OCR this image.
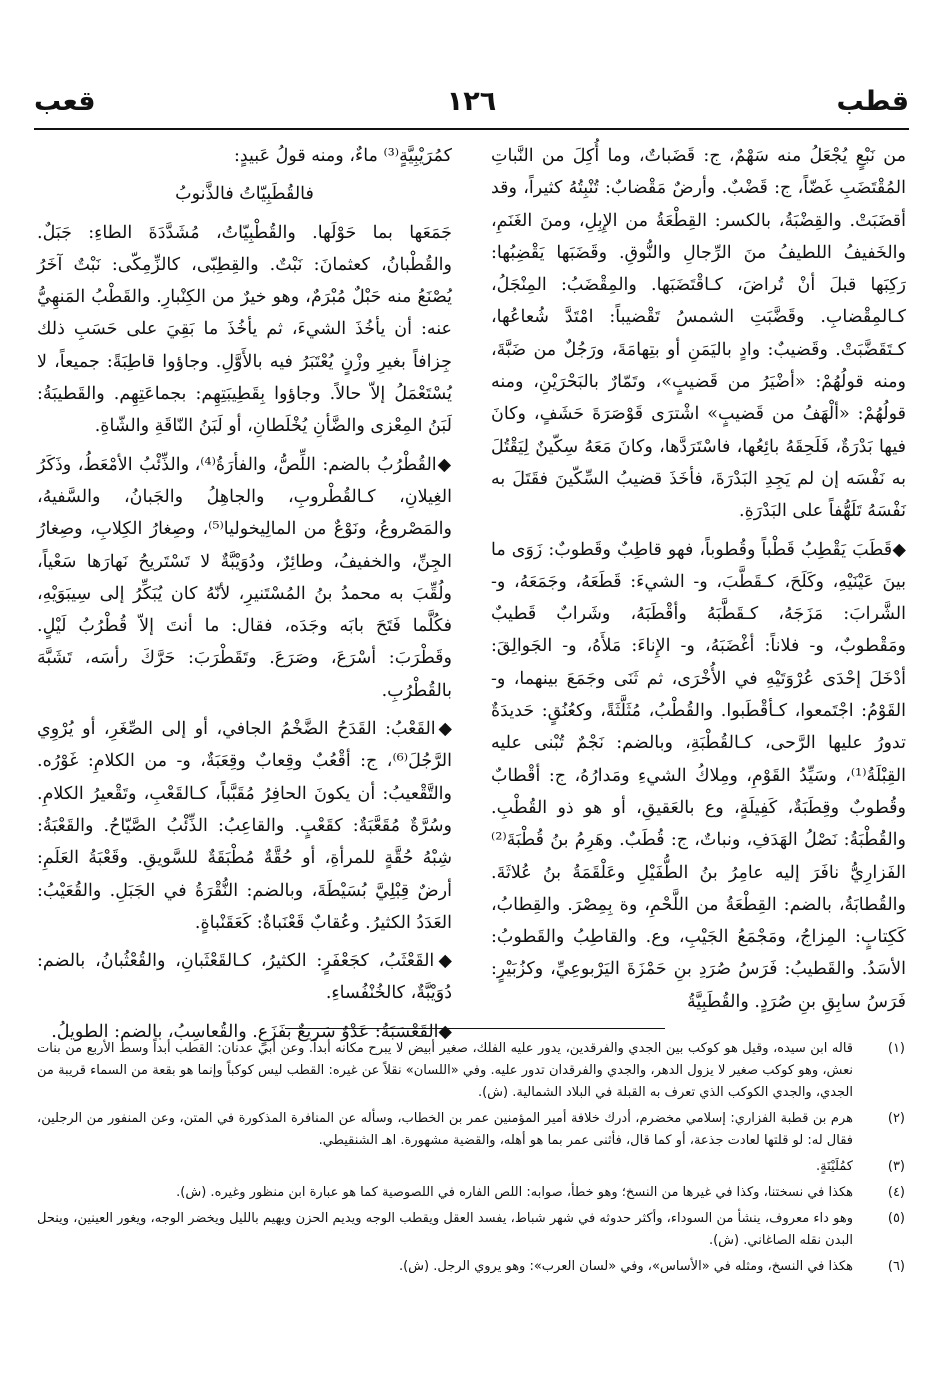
قطب
١٢٦
قعب

من نَبْعٍ يُجْعَلُ منه سَهْمٌ، ج: قَضَباتٌ، وما أُكِلَ من النَّباتِ المُقْتَضَبِ غَضّاً، ج: قَضْبٌ. وأرضٌ مَقْضابٌ: تُنْبِتُهُ كثيراً، وقد أقضَبَتْ. والقِضْبَةُ، بالكسر: القِطْعَةُ من الإِبِلِ، ومنَ الغَنَمِ، والخَفيفُ اللطيفُ منَ الرِّجالِ والنُّوقِ. وقَضَبَها يَقْضِبُها: رَكِبَها قبلَ أنْ تُراضَ، كـاقْتَضَبَها. والمِقْضَبُ: المِنْجَلُ، كـالمِقْضابِ. وقَضَّبَتِ الشمسُ تَقْضيباً: امْتَدَّ شُعاعُها، كـتَقَضَّبَتْ. وقَضيبٌ: وادٍ باليَمَنِ أو بتِهامَةَ، ورَجُلٌ من ضَبَّةَ، ومنه قولُهُمْ: «أضْيَرُ من قَضيبٍ»، وتَمّارٌ بالبَحْرَيْنِ، ومنه قولُهُمْ: «ألْهَفُ من قَضيبٍ» اشْترَى قَوْصَرَةَ حَشَفٍ، وكانَ فيها بَدْرَةٌ، فَلَحِقَهُ بائِعُها، فاسْتَرَدَّها، وكانَ مَعَهُ سِكّينٌ لِيَقْتُلَ به نَفْسَه إن لم يَجِدِ البَدْرَةَ، فأخَذَ قضيبُ السِّكّينَ فقَتَلَ به نَفْسَهُ تَلَهُّفاً على البَدْرَةِ.

◆قَطَبَ يَقْطِبُ قَطْباً وقُطوباً، فهو قاطِبٌ وقَطوبٌ: زَوَى ما بينَ عَيْنَيْهِ، وكَلَحَ، كـقَطَّبَ، و- الشيءَ: قَطَعَهُ، وجَمَعَهُ، و- الشَّرابَ: مَزَجَهُ، كـقَطَّبَهُ وأقْطَبَهُ، وشَرابٌ قَطيبٌ ومَقْطوبٌ، و- فلاناً: أغْضَبَهُ، و- الإِناءَ: مَلأَهُ، و- الجَوالِقَ: أدْخَلَ إحْدَى عُرْوَتَيْهِ في الأُخْرَى، ثم ثَنَى وجَمَعَ بينهما، و- القَوْمُ: اجْتَمعوا، كـأقْطَبوا. والقُطْبُ، مُثَلَّثَةً، وكعُنُقٍ: حَديدَةٌ تدورُ عليها الرَّحى، كـالقُطْبَةِ، وبالضم: نَجْمٌ تُبْنى عليه القِبْلَةُ⁽¹⁾، وسَيِّدُ القَوْمِ، ومِلاكُ الشيءِ ومَدارُهُ، ج: أقْطابٌ وقُطوبٌ وقِطَبَةٌ، كَفِيلَةٍ، وع بالعَقيقِ، أو هو ذو القُطْبِ. والقُطْبَةُ: نَصْلُ الهَدَفِ، ونباتٌ، ج: قُطَبٌ. وهَرِمُ بنُ قُطْبَةَ⁽²⁾ الفَزارِيُّ نافَرَ إليه عامِرُ بنُ الطُّفَيْلِ وعَلْقَمَةُ بنُ عُلاثَةَ. والقُطابَةُ، بالضم: القِطْعَةُ من اللَّحْمِ، وة بِمِصْرَ. والقِطابُ، كَكِتابٍ: المِزاجُ، ومَجْمَعُ الجَيْبِ، وع. والقاطِبُ والقَطوبُ: الأسَدُ. والقَطيبُ: فَرَسُ صُرَدِ بنِ حَمْزَةَ اليَرْبوعِيِّ، وكزُبَيْرٍ: فَرَسُ سابِقِ بنِ صُرَدٍ. والقُطَبِيَّةُ

كمُرَيْبِيَّةٍ⁽³⁾ ماءٌ، ومنه قولُ عَبيدٍ:

فالقُطَبِيّاتُ فالذَّنوبُ

جَمَعَها بما حَوْلَها. والقُطْبِيّاتُ، مُشَدَّدَةَ الطاءِ: جَبَلٌ. والقُطْبانُ، كعثمانَ: نَبْتٌ. والقِطِبّى، كالزِّمِكّى: نَبْتٌ آخَرُ يُصْنَعُ منه حَبْلٌ مُبْرَمٌ، وهو خيرٌ من الكِنْبارِ. والقَطْبُ المَنهِيُّ عنه: أن يأخُذَ الشيءَ، ثم يأخُذَ ما بَقِيَ على حَسَبِ ذلك جِزافاً بغيرِ وزْنٍ يُعْتَبَرُ فيه بالأَوَّلِ. وجاؤوا قاطِبَةً: جميعاً، لا يُسْتَعْمَلُ إلاّ حالاً. وجاؤوا بِقَطِيبَتِهِم: بجماعَتِهِم. والقَطيبَةُ: لَبَنُ المِعْزى والضَّأنِ يُخْلَطانِ، أو لَبَنُ النّاقَةِ والشّاةِ.

◆القُطْرُبُ بالضم: اللِّصُّ، والفأرَةُ⁽⁴⁾، والذِّئْبُ الأمْعَطُ، وذَكَرُ الغِيلانِ، كـالقُطْروبِ، والجاهِلُ والجَبانُ، والسَّفيهُ، والمَصْروعُ، ونَوْعٌ من المالِيخوليا⁽⁵⁾، وصِغارُ الكِلابِ، وصِغارُ الجِنِّ، والخفيفُ، وطائِرٌ، ودُوَيْبَّةٌ لا تَسْتَريحُ نَهارَها سَعْياً، ولُقِّبَ به محمدُ بنُ المُسْتَنيرِ، لأنّهُ كان يُبَكِّرُ إلى سِيبَوَيْهِ، فكُلَّما فَتَحَ بابَه وجَدَه، فقال: ما أنتَ إلاّ قُطْرُبُ لَيْلٍ. وقَطْرَبَ: أسْرَعَ، وصَرَعَ. وتَقَطْرَبَ: حَرَّكَ رأسَه، تَشَبَّهَ بالقُطْرُبِ.

◆القَعْبُ: القَدَحُ الضَّخْمُ الجافي، أو إلى الصِّغَرِ، أو يُرْوِي الرَّجُلَ⁽⁶⁾، ج: أقْعُبٌ وقِعابٌ وقِعَبَةٌ، و- من الكلامِ: غَوْرُه. والتَّقْعيبُ: أن يكونَ الحافِرُ مُقَبَّباً، كـالقَعْبِ، وتَقْعيرُ الكلامِ. وسُرَّةٌ مُقَعَّبَةٌ: كقَعْبٍ. والقاعِبُ: الذِّئْبُ الصَّيّاحُ. والقَعْبَةُ: شِبْهُ حُقَّةٍ للمرأةِ، أو حُقَّةٌ مُطْبَقَةٌ للسَّويقِ. وقَعْبَةُ العَلَمِ: أرضٌ قِبْلِيَّ بُسَيْطَةَ، وبالضم: النُّقْرَةُ في الجَبَلِ. والقُعَيْبُ: العَدَدُ الكثيرُ. وعُقابٌ قَعْنَباةٌ: كَعَقَنْباةٍ.

◆القَعْثَبُ، كجَعْفَرٍ: الكثيرُ، كـالقَعْثَبانِ، والقُعْثُبانُ، بالضم: دُوَيْبَّةٌ، كالخُنْفُساءِ.

◆القَعْسَبَةُ: عَدْوٌ سَريعٌ بفَزَعٍ. والقُعاسِبُ، بالضم: الطويلُ.

(١)
قاله ابن سيده، وقيل هو كوكب بين الجدي والفرقدين، يدور عليه الفلك، صغير أبيض لا يبرح مكانه أبداً. وعن أبي عدنان: القطب أبداً وسط الأربع من بنات نعش، وهو كوكب صغير لا يزول الدهر، والجدي والفرقدان تدور عليه. وفي «اللسان» نقلاً عن غيره: القطب ليس كوكباً وإنما هو بقعة من السماء قريبة من الجدي، والجدي الكوكب الذي تعرف به القبلة في البلاد الشمالية. (ش).
(٢)
هرم بن قطبة الفزاري: إسلامي مخضرم، أدرك خلافة أمير المؤمنين عمر بن الخطاب، وسأله عن المنافرة المذكورة في المتن، وعن المنفور من الرجلين، فقال له: لو قلتها لعادت جذعة، أو كما قال، فأثنى عمر بما هو أهله، والقضية مشهورة. اهـ الشنقيطي.
(٣)
كمُلَيْنَةٍ.
(٤)
هكذا في نسختنا، وكذا في غيرها من النسخ؛ وهو خطأ، صوابه: اللص الفاره في اللصوصية كما هو عبارة ابن منظور وغيره. (ش).
(٥)
وهو داء معروف، ينشأ من السوداء، وأكثر حدوثه في شهر شباط، يفسد العقل ويقطب الوجه ويديم الحزن ويهيم بالليل ويخضر الوجه، ويغور العينين، وينحل البدن نقله الصاغاني. (ش).
(٦)
هكذا في النسخ، ومثله في «الأساس»، وفي «لسان العرب»: وهو يروي الرجل. (ش).
